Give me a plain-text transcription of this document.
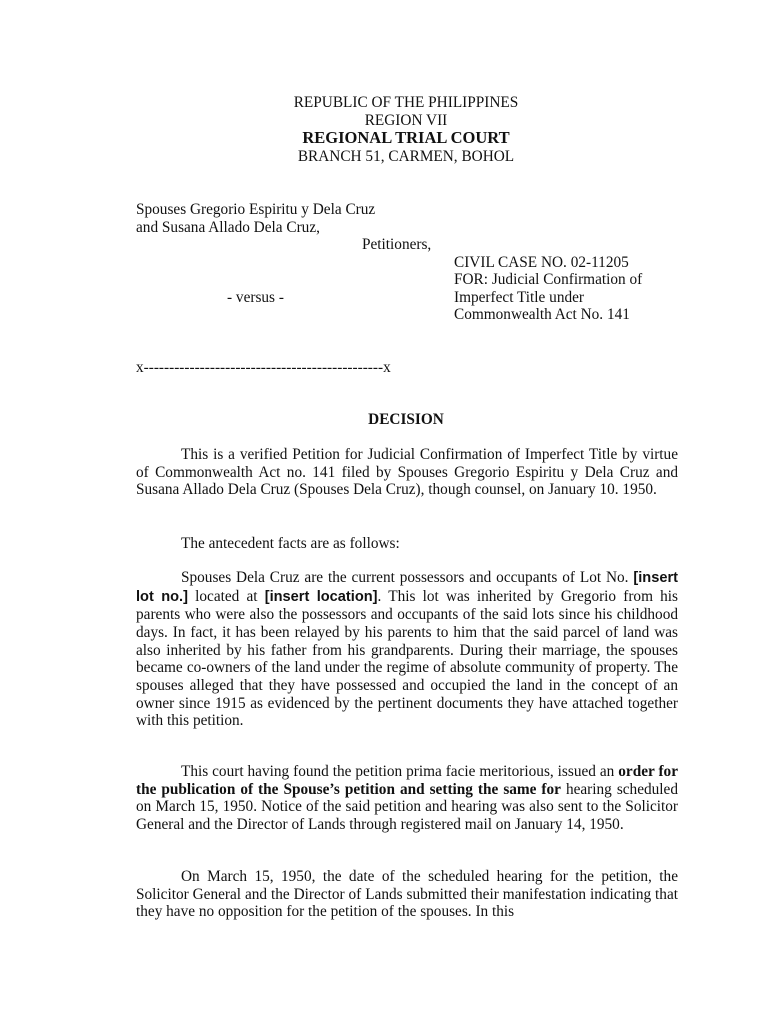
REPUBLIC OF THE PHILIPPINES
REGION VII
REGIONAL TRIAL COURT
BRANCH 51, CARMEN, BOHOL
Spouses Gregorio Espiritu y Dela Cruz
and Susana Allado Dela Cruz,
Petitioners,
CIVIL CASE NO. 02-11205
FOR: Judicial Confirmation of
- versus -	Imperfect Title under
Commonwealth Act No. 141
x-----------------------------------------------x
DECISION

This is a verified Petition for Judicial Confirmation of Imperfect Title by virtue of Commonwealth Act no. 141 filed by Spouses Gregorio Espiritu y Dela Cruz and Susana Allado Dela Cruz (Spouses Dela Cruz), though counsel, on January 10. 1950.

The antecedent facts are as follows:

Spouses Dela Cruz are the current possessors and occupants of Lot No. [insert lot no.] located at [insert location]. This lot was inherited by Gregorio from his parents who were also the possessors and occupants of the said lots since his childhood days. In fact, it has been relayed by his parents to him that the said parcel of land was also inherited by his father from his grandparents. During their marriage, the spouses became co-owners of the land under the regime of absolute community of property. The spouses alleged that they have possessed and occupied the land in the concept of an owner since 1915 as evidenced by the pertinent documents they have attached together with this petition.

This court having found the petition prima facie meritorious, issued an order for the publication of the Spouse’s petition and setting the same for hearing scheduled on March 15, 1950. Notice of the said petition and hearing was also sent to the Solicitor General and the Director of Lands through registered mail on January 14, 1950.

On March 15, 1950, the date of the scheduled hearing for the petition, the Solicitor General and the Director of Lands submitted their manifestation indicating that they have no opposition for the petition of the spouses. In this
